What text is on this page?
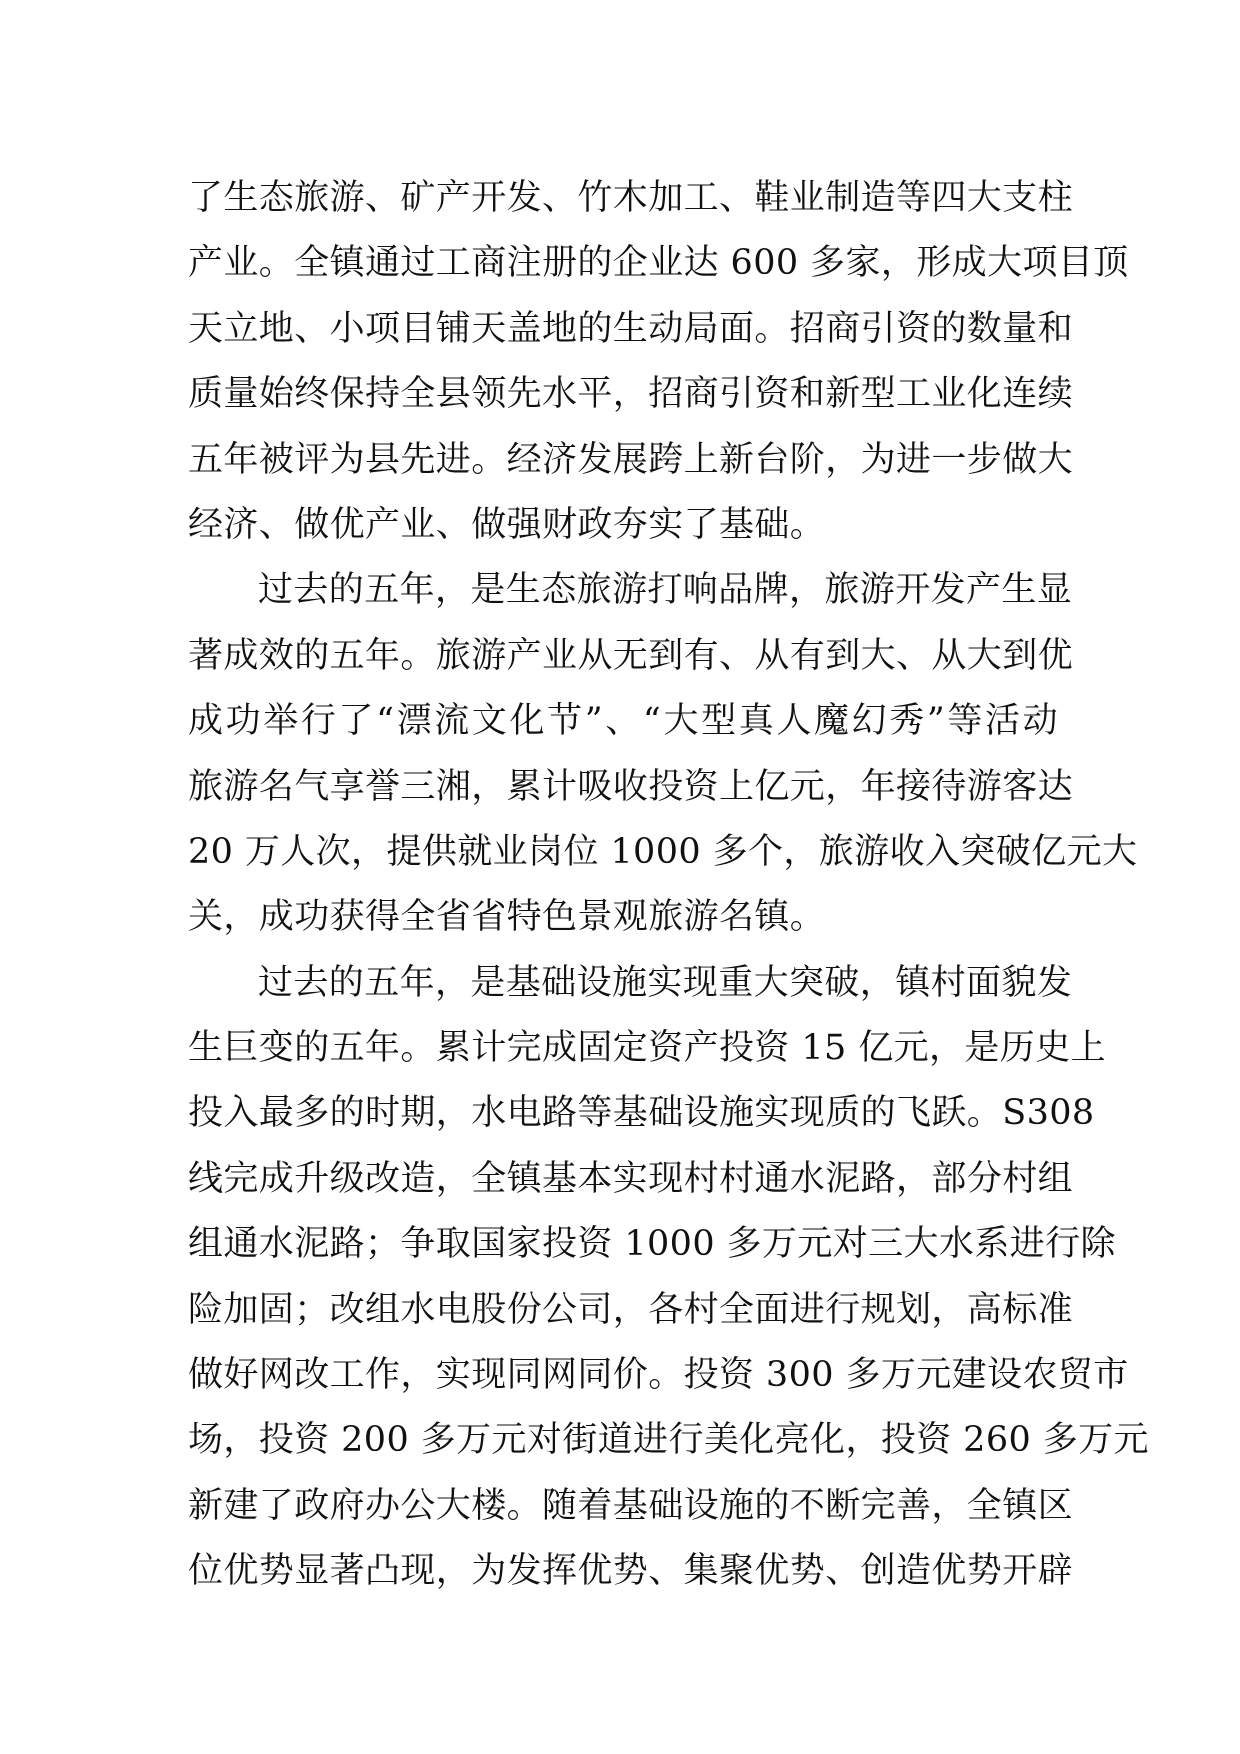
了生态旅游、矿产开发、竹木加工、鞋业制造等四大支柱
产业。全镇通过工商注册的企业达 600 多家，形成大项目顶
天立地、小项目铺天盖地的生动局面。招商引资的数量和
质量始终保持全县领先水平，招商引资和新型工业化连续
五年被评为县先进。经济发展跨上新台阶，为进一步做大
经济、做优产业、做强财政夯实了基础。
过去的五年，是生态旅游打响品牌，旅游开发产生显
著成效的五年。旅游产业从无到有、从有到大、从大到优
成功举行了“漂流文化节”、“大型真人魔幻秀”等活动
旅游名气享誉三湘，累计吸收投资上亿元，年接待游客达
20 万人次，提供就业岗位 1000 多个，旅游收入突破亿元大
关，成功获得全省省特色景观旅游名镇。
过去的五年，是基础设施实现重大突破，镇村面貌发
生巨变的五年。累计完成固定资产投资 15 亿元，是历史上
投入最多的时期，水电路等基础设施实现质的飞跃。S308
线完成升级改造，全镇基本实现村村通水泥路，部分村组
组通水泥路；争取国家投资 1000 多万元对三大水系进行除
险加固；改组水电股份公司，各村全面进行规划，高标准
做好网改工作，实现同网同价。投资 300 多万元建设农贸市
场，投资 200 多万元对街道进行美化亮化，投资 260 多万元
新建了政府办公大楼。随着基础设施的不断完善，全镇区
位优势显著凸现，为发挥优势、集聚优势、创造优势开辟
